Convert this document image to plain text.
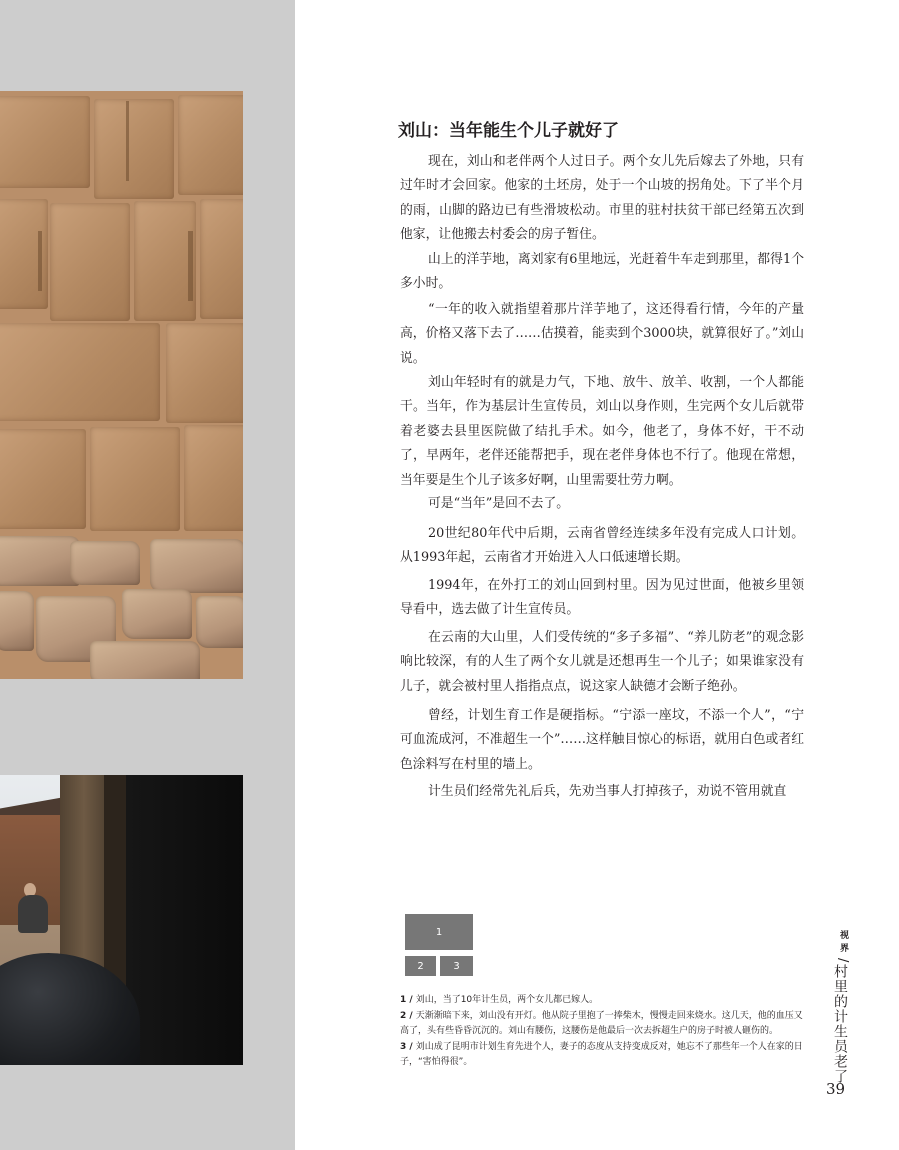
刘山：当年能生个儿子就好了

现在，刘山和老伴两个人过日子。两个女儿先后嫁去了外地，只有过年时才会回家。他家的土坯房，处于一个山坡的拐角处。下了半个月的雨，山脚的路边已有些滑坡松动。市里的驻村扶贫干部已经第五次到他家，让他搬去村委会的房子暂住。

山上的洋芋地，离刘家有6里地远，光赶着牛车走到那里，都得1个多小时。

“一年的收入就指望着那片洋芋地了，这还得看行情，今年的产量高，价格又落下去了……估摸着，能卖到个3000块，就算很好了。”刘山说。

刘山年轻时有的就是力气，下地、放牛、放羊、收割，一个人都能干。当年，作为基层计生宣传员，刘山以身作则，生完两个女儿后就带着老婆去县里医院做了结扎手术。如今，他老了，身体不好，干不动了，早两年，老伴还能帮把手，现在老伴身体也不行了。他现在常想，当年要是生个儿子该多好啊，山里需要壮劳力啊。

可是“当年”是回不去了。

20世纪80年代中后期，云南省曾经连续多年没有完成人口计划。从1993年起，云南省才开始进入人口低速增长期。

1994年，在外打工的刘山回到村里。因为见过世面，他被乡里领导看中，选去做了计生宣传员。

在云南的大山里，人们受传统的“多子多福”、“养儿防老”的观念影响比较深，有的人生了两个女儿就是还想再生一个儿子；如果谁家没有儿子，就会被村里人指指点点，说这家人缺德才会断子绝孙。

曾经，计划生育工作是硬指标。“宁添一座坟，不添一个人”，“宁可血流成河，不准超生一个”……这样触目惊心的标语，就用白色或者红色涂料写在村里的墙上。

计生员们经常先礼后兵，先劝当事人打掉孩子，劝说不管用就直

1
2	3

1 / 刘山，当了10年计生员，两个女儿都已嫁人。

2 / 天渐渐暗下来，刘山没有开灯。他从院子里抱了一捧柴木，慢慢走回来烧水。这几天，他的血压又高了，头有些昏昏沉沉的。刘山有腰伤，这腰伤是他最后一次去拆超生户的房子时被人砸伤的。

3 / 刘山成了昆明市计划生育先进个人，妻子的态度从支持变成反对，她忘不了那些年一个人在家的日子，“害怕得很”。

视界
/
村里的计生员老了
39
